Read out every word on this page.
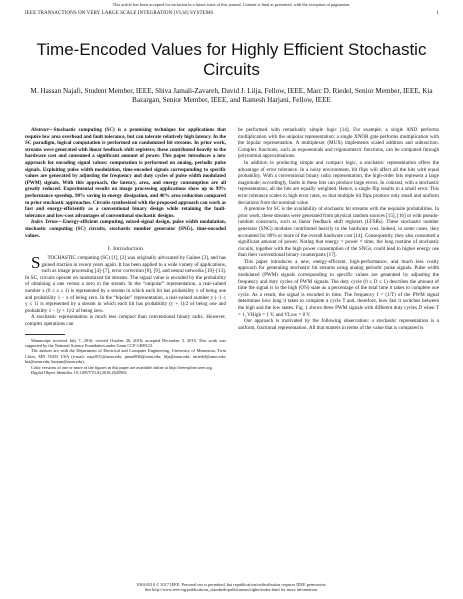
This article has been accepted for inclusion in a future issue of this journal. Content is final as presented, with the exception of pagination.
IEEE TRANSACTIONS ON VERY LARGE SCALE INTEGRATION (VLSI) SYSTEMS	1
Time-Encoded Values for Highly Efficient Stochastic Circuits
M. Hassan Najafi, Student Member, IEEE, Shiva Jamali-Zavareh, David J. Lilja, Fellow, IEEE, Marc D. Riedel, Senior Member, IEEE, Kia Bazargan, Senior Member, IEEE, and Ramesh Harjani, Fellow, IEEE

Abstract—Stochastic computing (SC) is a promising technique for applications that require low area overhead and fault tolerance, but can tolerate relatively high latency. In the SC paradigm, logical computation is performed on randomized bit streams. In prior work, streams were generated with linear feedback shift registers; these contributed heavily to the hardware cost and consumed a significant amount of power. This paper introduces a new approach for encoding signal values: computation is performed on analog, periodic pulse signals. Exploiting pulse width modulation, time-encoded signals corresponding to specific values are generated by adjusting the frequency and duty cycles of pulse width modulated (PWM) signals. With this approach, the latency, area, and energy consumption are all greatly reduced. Experimental results on image processing applications show up to 99% performance speedup, 98% saving in energy dissipation, and 40% area reduction compared to prior stochastic approaches. Circuits synthesized with the proposed approach can work as fast and energy-efficiently as a conventional binary design while retaining the fault-tolerance and low-cost advantages of conventional stochastic designs.

Index Terms—Energy-efficient computing, mixed-signal design, pulse width modulation, stochastic computing (SC) circuits, stochastic number generator (SNG), time-encoded values.

I. Introduction

S TOCHASTIC computing (SC) [1], [2] was originally advocated by Gaines [3], and has gained traction in recent years again. It has been applied to a wide variety of applications, such as image processing [4]–[7], error correction [8], [9], and neural networks [10]–[13]. In SC, circuits operate on randomized bit streams. The signal value is encoded by the probability of obtaining a one versus a zero in the stream. In the “unipolar” representation, a real-valued number x (0 ≤ x ≤ 1) is represented by a stream in which each bit has probability x of being one and probability 1 − x of being zero. In the “bipolar” representation, a real-valued number y (−1 ≤ y ≤ 1) is represented by a stream in which each bit has probability (y + 1)/2 of being one and probability 1 − (y + 1)/2 of being zero.

A stochastic representation is much less compact than conventional binary radix. However, complex operations can

Manuscript received July 7, 2016; revised October 26, 2016; accepted December 5, 2016. This work was supported by the National Science Foundation under Grant CCF-1408123.

The authors are with the Department of Electrical and Computer Engineering, University of Minnesota, Twin Cities, MN 55455 USA (e-mail: najaf011@umn.edu; jama0036@umn.edu; lilja@umn.edu; mriedel@umn.edu; kia@umn.edu; harjani@umn.edu).

Color versions of one or more of the figures in this paper are available online at http://ieeexplore.ieee.org.

Digital Object Identifier 10.1109/TVLSI.2016.2645902

be performed with remarkably simple logic [14]. For example, a single AND performs multiplication with the unipolar representation; a single XNOR gate performs multiplication with the bipolar representation. A multiplexer (MUX) implements scaled addition and subtraction. Complex functions, such as exponentials and trigonometric functions, can be computed through polynomial approximations.

In addition to producing simple and compact logic, a stochastic representation offers the advantage of error tolerance. In a noisy environment, bit flips will affect all the bits with equal probability. With a conventional binary radix representation, the high-order bits represent a large magnitude; accordingly, faults in these bits can produce large errors. In contrast, with a stochastic representation, all the bits are equally weighted. Hence, a single flip results in a small error. This error tolerance scales to high error rates, so that multiple bit flips produce only small and uniform deviations from the nominal value.

A premise for SC is the availability of stochastic bit streams with the requisite probabilities. In prior work, these streams were generated from physical random sources [15], [16] or with pseudo-random constructs, such as linear feedback shift registers (LFSRs). These stochastic number generator (SNG) modules contributed heavily to the hardware cost. Indeed, in some cases, they accounted for 80% or more of the overall hardware cost [14]. Consequently, they also consumed a significant amount of power. Noting that energy = power × time, the long runtime of stochastic circuits, together with the high power consumption of the SNGs, could lead to higher energy use than their conventional binary counterparts [17].

This paper introduces a new, energy-efficient, high-performance, and much less costly approach for generating stochastic bit streams using analog periodic pulse signals. Pulse width modulated (PWM) signals corresponding to specific values are generated by adjusting the frequency and duty cycles of PWM signals. The duty cycle (0 ≤ D ≤ 1) describes the amount of time the signal is in the high (ON) state as a percentage of the total time it takes to complete one cycle. As a result, the signal is encoded in time. The frequency f = (1/T) of the PWM signal determines how long it takes to complete a cycle T and, therefore, how fast it switches between the high and the low states. Fig. 1 shows three PWM signals with different duty cycles D when T = 1, VHigh = 1 V, and VLow = 0 V.

Our approach is motivated by the following observation: a stochastic representation is a uniform, fractional representation. All that matters in terms of the value that is computed is

1063-8210 © 2017 IEEE. Personal use is permitted, but republication/redistribution requires IEEE permission.
See http://www.ieee.org/publications_standards/publications/rights/index.html for more information.
